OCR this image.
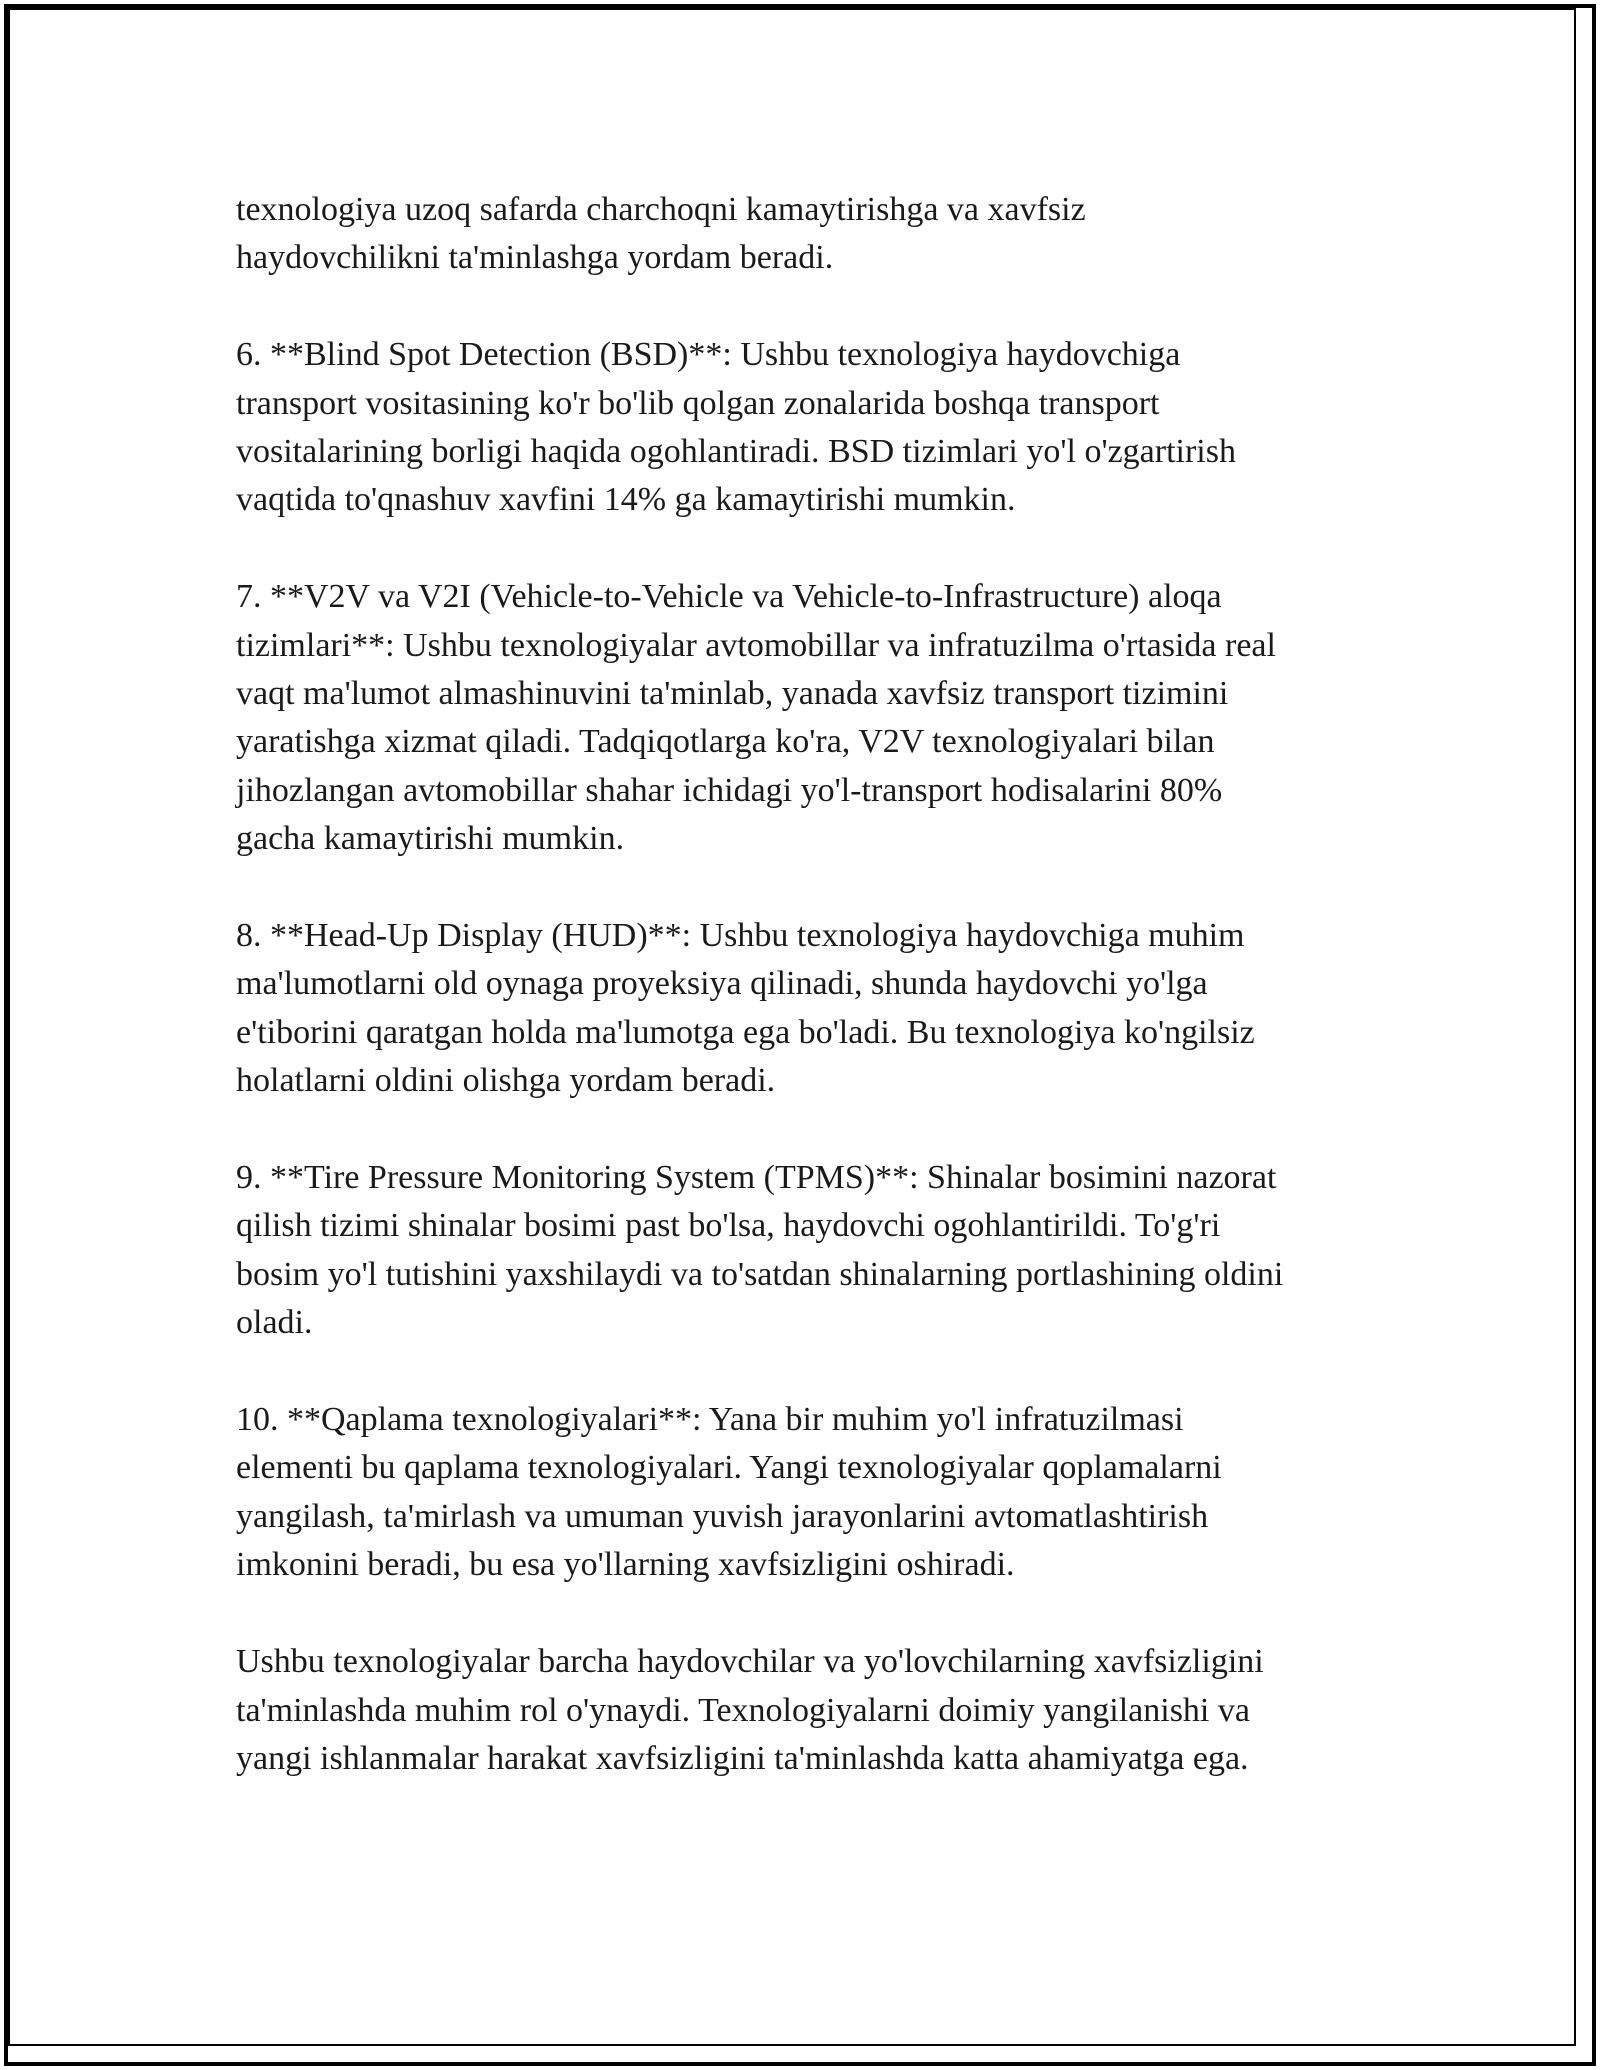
texnologiya uzoq safarda charchoqni kamaytirishga va xavfsiz
haydovchilikni ta'minlashga yordam beradi.

6. **Blind Spot Detection (BSD)**: Ushbu texnologiya haydovchiga
transport vositasining ko'r bo'lib qolgan zonalarida boshqa transport
vositalarining borligi haqida ogohlantiradi. BSD tizimlari yo'l o'zgartirish
vaqtida to'qnashuv xavfini 14% ga kamaytirishi mumkin.

7. **V2V va V2I (Vehicle-to-Vehicle va Vehicle-to-Infrastructure) aloqa
tizimlari**: Ushbu texnologiyalar avtomobillar va infratuzilma o'rtasida real
vaqt ma'lumot almashinuvini ta'minlab, yanada xavfsiz transport tizimini
yaratishga xizmat qiladi. Tadqiqotlarga ko'ra, V2V texnologiyalari bilan
jihozlangan avtomobillar shahar ichidagi yo'l-transport hodisalarini 80%
gacha kamaytirishi mumkin.

8. **Head-Up Display (HUD)**: Ushbu texnologiya haydovchiga muhim
ma'lumotlarni old oynaga proyeksiya qilinadi, shunda haydovchi yo'lga
e'tiborini qaratgan holda ma'lumotga ega bo'ladi. Bu texnologiya ko'ngilsiz
holatlarni oldini olishga yordam beradi.

9. **Tire Pressure Monitoring System (TPMS)**: Shinalar bosimini nazorat
qilish tizimi shinalar bosimi past bo'lsa, haydovchi ogohlantirildi. To'g'ri
bosim yo'l tutishini yaxshilaydi va to'satdan shinalarning portlashining oldini
oladi.

10. **Qaplama texnologiyalari**: Yana bir muhim yo'l infratuzilmasi
elementi bu qaplama texnologiyalari. Yangi texnologiyalar qoplamalarni
yangilash, ta'mirlash va umuman yuvish jarayonlarini avtomatlashtirish
imkonini beradi, bu esa yo'llarning xavfsizligini oshiradi.

Ushbu texnologiyalar barcha haydovchilar va yo'lovchilarning xavfsizligini
ta'minlashda muhim rol o'ynaydi. Texnologiyalarni doimiy yangilanishi va
yangi ishlanmalar harakat xavfsizligini ta'minlashda katta ahamiyatga ega.
